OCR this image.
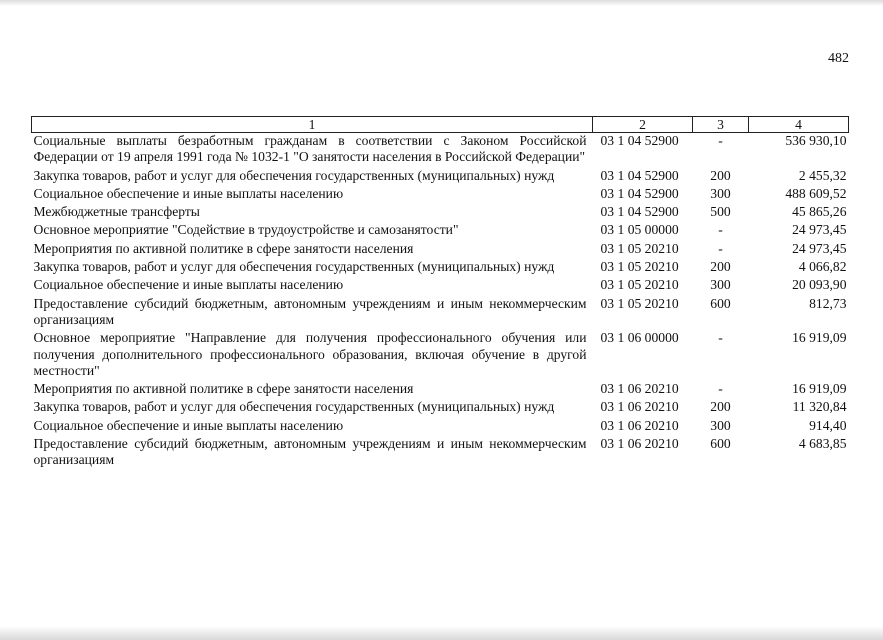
482
1	2	3	4
Социальные выплаты безработным гражданам в соответствии с Законом Российской Федерации от 19 апреля 1991 года № 1032-1 "О занятости населения в Российской Федерации"	03 1 04 52900	-	536 930,10
Закупка товаров, работ и услуг для обеспечения государственных (муниципальных) нужд	03 1 04 52900	200	2 455,32
Социальное обеспечение и иные выплаты населению	03 1 04 52900	300	488 609,52
Межбюджетные трансферты	03 1 04 52900	500	45 865,26
Основное мероприятие "Содействие в трудоустройстве и самозанятости"	03 1 05 00000	-	24 973,45
Мероприятия по активной политике в сфере занятости населения	03 1 05 20210	-	24 973,45
Закупка товаров, работ и услуг для обеспечения государственных (муниципальных) нужд	03 1 05 20210	200	4 066,82
Социальное обеспечение и иные выплаты населению	03 1 05 20210	300	20 093,90
Предоставление субсидий бюджетным, автономным учреждениям и иным некоммерческим организациям	03 1 05 20210	600	812,73
Основное мероприятие "Направление для получения профессионального обучения или получения дополнительного профессионального образования, включая обучение в другой местности"	03 1 06 00000	-	16 919,09
Мероприятия по активной политике в сфере занятости населения	03 1 06 20210	-	16 919,09
Закупка товаров, работ и услуг для обеспечения государственных (муниципальных) нужд	03 1 06 20210	200	11 320,84
Социальное обеспечение и иные выплаты населению	03 1 06 20210	300	914,40
Предоставление субсидий бюджетным, автономным учреждениям и иным некоммерческим организациям	03 1 06 20210	600	4 683,85
